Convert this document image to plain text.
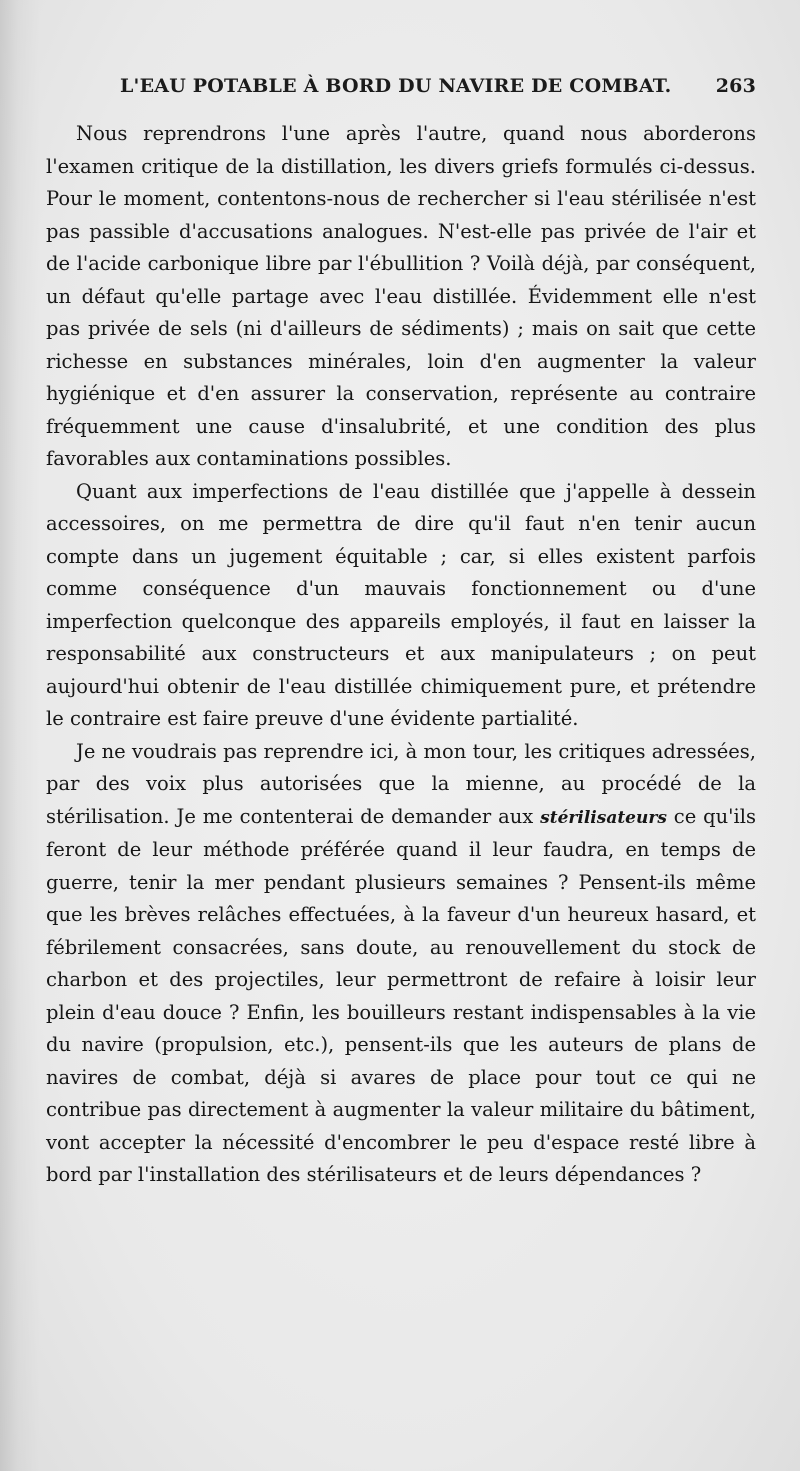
L'EAU POTABLE À BORD DU NAVIRE DE COMBAT. 263

Nous reprendrons l'une après l'autre, quand nous aborderons l'examen critique de la distillation, les divers griefs formulés ci-dessus. Pour le moment, contentons-nous de rechercher si l'eau stérilisée n'est pas passible d'accusations analogues. N'est-elle pas privée de l'air et de l'acide carbonique libre par l'ébullition ? Voilà déjà, par conséquent, un défaut qu'elle partage avec l'eau distillée. Évidemment elle n'est pas privée de sels (ni d'ailleurs de sédiments) ; mais on sait que cette richesse en substances minérales, loin d'en augmenter la valeur hygiénique et d'en assurer la conservation, représente au contraire fréquemment une cause d'insalubrité, et une condition des plus favorables aux contaminations possibles.

Quant aux imperfections de l'eau distillée que j'appelle à dessein accessoires, on me permettra de dire qu'il faut n'en tenir aucun compte dans un jugement équitable ; car, si elles existent parfois comme conséquence d'un mauvais fonctionnement ou d'une imperfection quelconque des appareils employés, il faut en laisser la responsabilité aux constructeurs et aux manipulateurs ; on peut aujourd'hui obtenir de l'eau distillée chimiquement pure, et prétendre le contraire est faire preuve d'une évidente partialité.

Je ne voudrais pas reprendre ici, à mon tour, les critiques adressées, par des voix plus autorisées que la mienne, au procédé de la stérilisation. Je me contenterai de demander aux stérilisateurs ce qu'ils feront de leur méthode préférée quand il leur faudra, en temps de guerre, tenir la mer pendant plusieurs semaines ? Pensent-ils même que les brèves relâches effectuées, à la faveur d'un heureux hasard, et fébrilement consacrées, sans doute, au renouvellement du stock de charbon et des projectiles, leur permettront de refaire à loisir leur plein d'eau douce ? Enfin, les bouilleurs restant indispensables à la vie du navire (propulsion, etc.), pensent-ils que les auteurs de plans de navires de combat, déjà si avares de place pour tout ce qui ne contribue pas directement à augmenter la valeur militaire du bâtiment, vont accepter la nécessité d'encombrer le peu d'espace resté libre à bord par l'installation des stérilisateurs et de leurs dépendances ?
